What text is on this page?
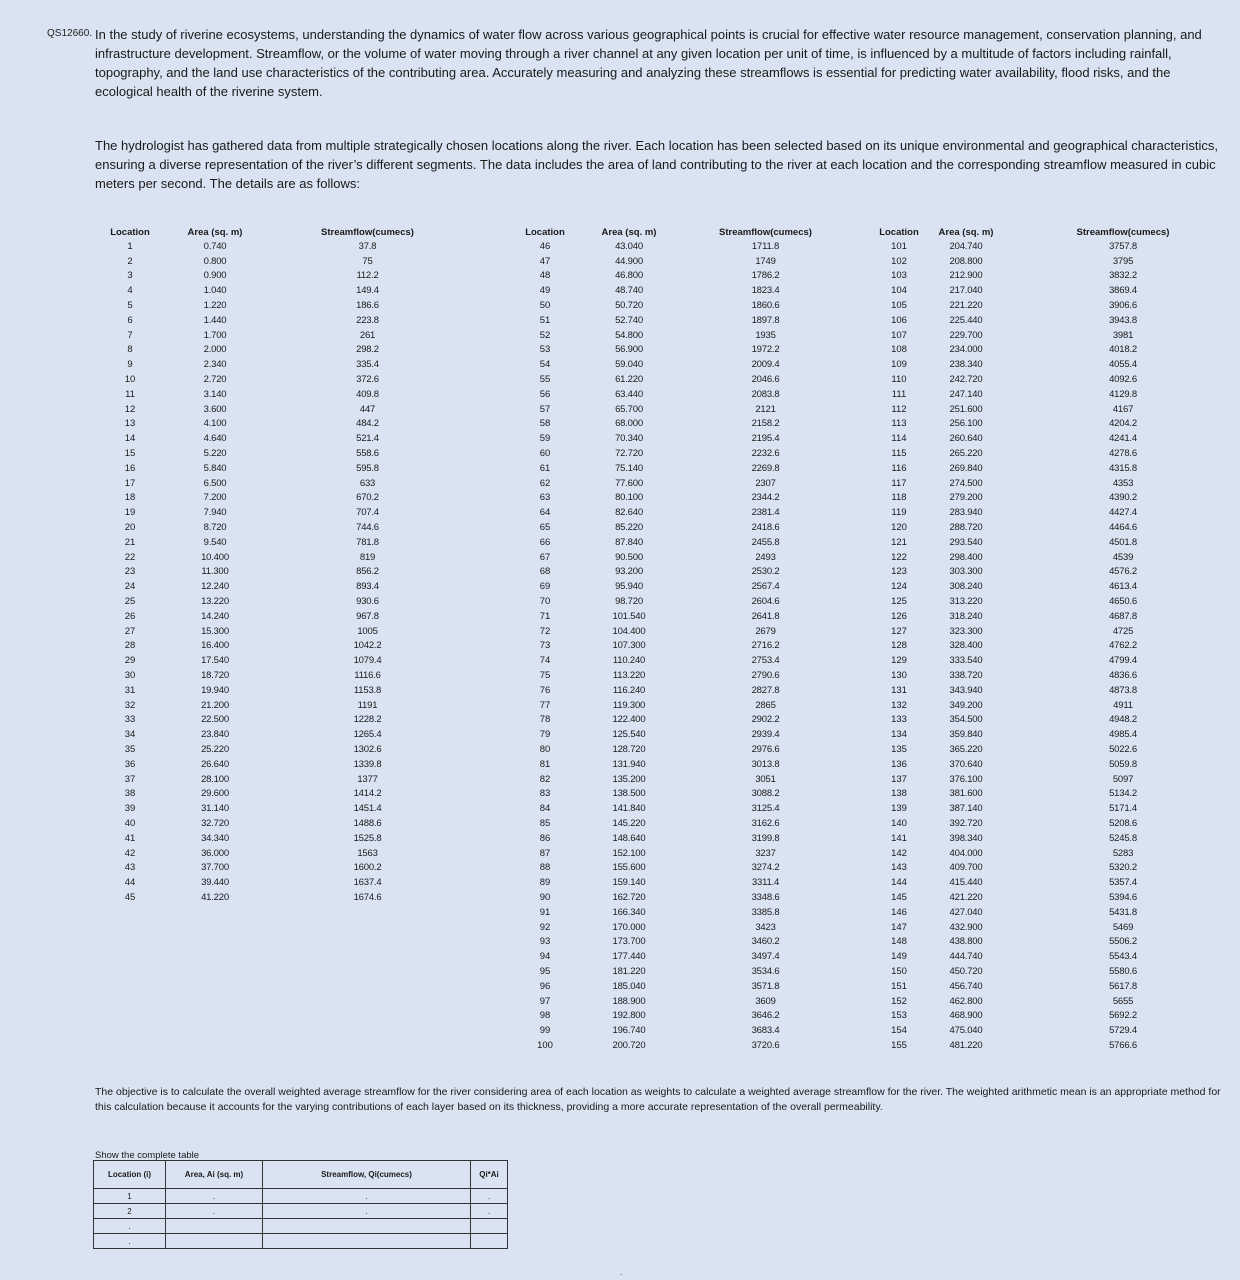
QS12660. In the study of riverine ecosystems, understanding the dynamics of water flow across various geographical points is crucial for effective water resource management, conservation planning, and infrastructure development. Streamflow, or the volume of water moving through a river channel at any given location per unit of time, is influenced by a multitude of factors including rainfall, topography, and the land use characteristics of the contributing area. Accurately measuring and analyzing these streamflows is essential for predicting water availability, flood risks, and the ecological health of the riverine system.

The hydrologist has gathered data from multiple strategically chosen locations along the river. Each location has been selected based on its unique environmental and geographical characteristics, ensuring a diverse representation of the river’s different segments. The data includes the area of land contributing to the river at each location and the corresponding streamflow measured in cubic meters per second. The details are as follows:

Location	Area (sq. m)	Streamflow(cumecs)
1	0.740	37.8
2	0.800	75
3	0.900	112.2
4	1.040	149.4
5	1.220	186.6
6	1.440	223.8
7	1.700	261
8	2.000	298.2
9	2.340	335.4
10	2.720	372.6
11	3.140	409.8
12	3.600	447
13	4.100	484.2
14	4.640	521.4
15	5.220	558.6
16	5.840	595.8
17	6.500	633
18	7.200	670.2
19	7.940	707.4
20	8.720	744.6
21	9.540	781.8
22	10.400	819
23	11.300	856.2
24	12.240	893.4
25	13.220	930.6
26	14.240	967.8
27	15.300	1005
28	16.400	1042.2
29	17.540	1079.4
30	18.720	1116.6
31	19.940	1153.8
32	21.200	1191
33	22.500	1228.2
34	23.840	1265.4
35	25.220	1302.6
36	26.640	1339.8
37	28.100	1377
38	29.600	1414.2
39	31.140	1451.4
40	32.720	1488.6
41	34.340	1525.8
42	36.000	1563
43	37.700	1600.2
44	39.440	1637.4
45	41.220	1674.6
Location	Area (sq. m)	Streamflow(cumecs)
46	43.040	1711.8
47	44.900	1749
48	46.800	1786.2
49	48.740	1823.4
50	50.720	1860.6
51	52.740	1897.8
52	54.800	1935
53	56.900	1972.2
54	59.040	2009.4
55	61.220	2046.6
56	63.440	2083.8
57	65.700	2121
58	68.000	2158.2
59	70.340	2195.4
60	72.720	2232.6
61	75.140	2269.8
62	77.600	2307
63	80.100	2344.2
64	82.640	2381.4
65	85.220	2418.6
66	87.840	2455.8
67	90.500	2493
68	93.200	2530.2
69	95.940	2567.4
70	98.720	2604.6
71	101.540	2641.8
72	104.400	2679
73	107.300	2716.2
74	110.240	2753.4
75	113.220	2790.6
76	116.240	2827.8
77	119.300	2865
78	122.400	2902.2
79	125.540	2939.4
80	128.720	2976.6
81	131.940	3013.8
82	135.200	3051
83	138.500	3088.2
84	141.840	3125.4
85	145.220	3162.6
86	148.640	3199.8
87	152.100	3237
88	155.600	3274.2
89	159.140	3311.4
90	162.720	3348.6
91	166.340	3385.8
92	170.000	3423
93	173.700	3460.2
94	177.440	3497.4
95	181.220	3534.6
96	185.040	3571.8
97	188.900	3609
98	192.800	3646.2
99	196.740	3683.4
100	200.720	3720.6
Location	Area (sq. m)	Streamflow(cumecs)
101	204.740	3757.8
102	208.800	3795
103	212.900	3832.2
104	217.040	3869.4
105	221.220	3906.6
106	225.440	3943.8
107	229.700	3981
108	234.000	4018.2
109	238.340	4055.4
110	242.720	4092.6
111	247.140	4129.8
112	251.600	4167
113	256.100	4204.2
114	260.640	4241.4
115	265.220	4278.6
116	269.840	4315.8
117	274.500	4353
118	279.200	4390.2
119	283.940	4427.4
120	288.720	4464.6
121	293.540	4501.8
122	298.400	4539
123	303.300	4576.2
124	308.240	4613.4
125	313.220	4650.6
126	318.240	4687.8
127	323.300	4725
128	328.400	4762.2
129	333.540	4799.4
130	338.720	4836.6
131	343.940	4873.8
132	349.200	4911
133	354.500	4948.2
134	359.840	4985.4
135	365.220	5022.6
136	370.640	5059.8
137	376.100	5097
138	381.600	5134.2
139	387.140	5171.4
140	392.720	5208.6
141	398.340	5245.8
142	404.000	5283
143	409.700	5320.2
144	415.440	5357.4
145	421.220	5394.6
146	427.040	5431.8
147	432.900	5469
148	438.800	5506.2
149	444.740	5543.4
150	450.720	5580.6
151	456.740	5617.8
152	462.800	5655
153	468.900	5692.2
154	475.040	5729.4
155	481.220	5766.6

The objective is to calculate the overall weighted average streamflow for the river considering area of each location as weights to calculate a weighted average streamflow for the river. The weighted arithmetic mean is an appropriate method for this calculation because it accounts for the varying contributions of each layer based on its thickness, providing a more accurate representation of the overall permeability.

Show the complete table
Location (i)	Area, Ai (sq. m)	Streamflow, Qi(cumecs)	Qi*Ai
1	.	.	.
2	.	.	.
.			
.			
.
